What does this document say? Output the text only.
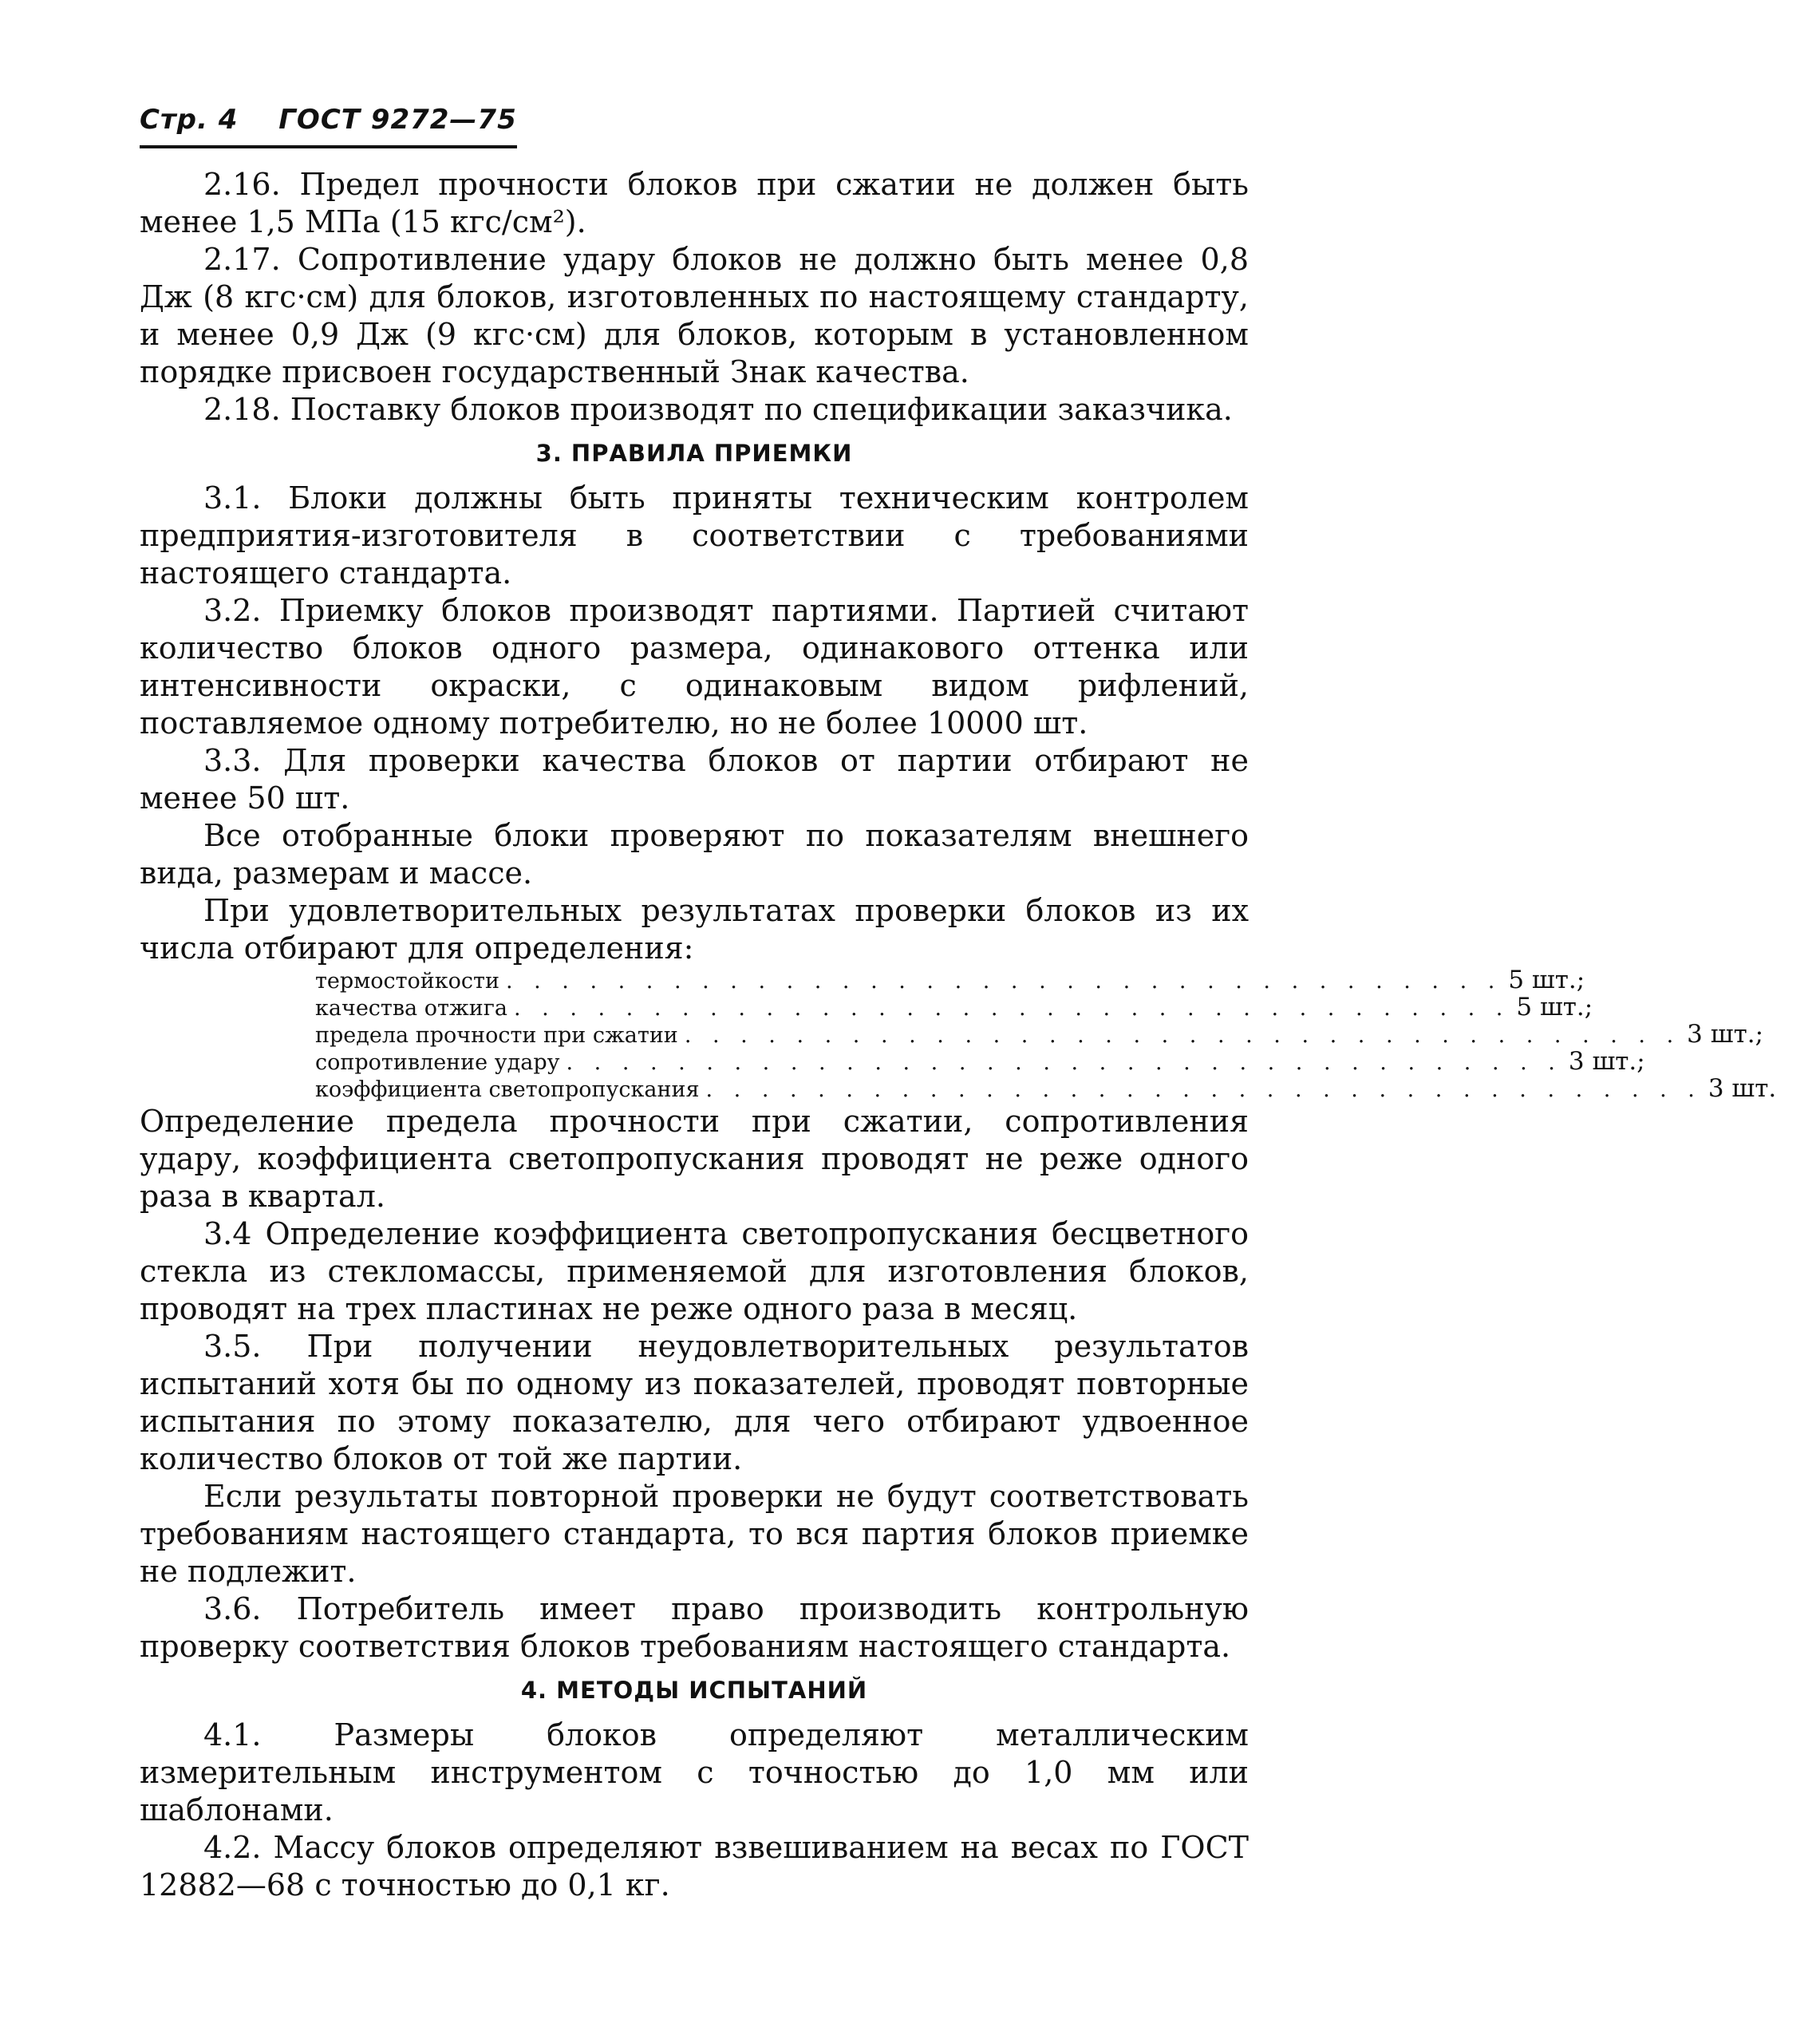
Стр. 4 ГОСТ 9272—75

2.16. Предел прочности блоков при сжатии не должен быть менее 1,5 МПа (15 кгс/см²).

2.17. Сопротивление удару блоков не должно быть менее 0,8 Дж (8 кгс·см) для блоков, изготовленных по настоящему стандарту, и менее 0,9 Дж (9 кгс·см) для блоков, которым в установленном порядке присвоен государственный Знак качества.

2.18. Поставку блоков производят по спецификации заказчика.

3. ПРАВИЛА ПРИЕМКИ

3.1. Блоки должны быть приняты техническим контролем предприятия-изготовителя в соответствии с требованиями настоящего стандарта.

3.2. Приемку блоков производят партиями. Партией считают количество блоков одного размера, одинакового оттенка или интенсивности окраски, с одинаковым видом рифлений, поставляемое одному потребителю, но не более 10000 шт.

3.3. Для проверки качества блоков от партии отбирают не менее 50 шт.

Все отобранные блоки проверяют по показателям внешнего вида, размерам и массе.

При удовлетворительных результатах проверки блоков из их числа отбирают для определения:

термостойкости . . . . . . . . . . . . . . . . . . . . . . . . . . . . . . . . . . . . 5 шт.;
качества отжига . . . . . . . . . . . . . . . . . . . . . . . . . . . . . . . . . . . . 5 шт.;
предела прочности при сжатии . . . . . . . . . . . . . . . . . . . . . . . . . . . . . . . . . . . . 3 шт.;
сопротивление удару . . . . . . . . . . . . . . . . . . . . . . . . . . . . . . . . . . . . 3 шт.;
коэффициента светопропускания . . . . . . . . . . . . . . . . . . . . . . . . . . . . . . . . . . . . 3 шт.

Определение предела прочности при сжатии, сопротивления удару, коэффициента светопропускания проводят не реже одного раза в квартал.

3.4 Определение коэффициента светопропускания бесцветного стекла из стекломассы, применяемой для изготовления блоков, проводят на трех пластинах не реже одного раза в месяц.

3.5. При получении неудовлетворительных результатов испытаний хотя бы по одному из показателей, проводят повторные испытания по этому показателю, для чего отбирают удвоенное количество блоков от той же партии.

Если результаты повторной проверки не будут соответствовать требованиям настоящего стандарта, то вся партия блоков приемке не подлежит.

3.6. Потребитель имеет право производить контрольную проверку соответствия блоков требованиям настоящего стандарта.

4. МЕТОДЫ ИСПЫТАНИЙ

4.1. Размеры блоков определяют металлическим измерительным инструментом с точностью до 1,0 мм или шаблонами.

4.2. Массу блоков определяют взвешиванием на весах по ГОСТ 12882—68 с точностью до 0,1 кг.
